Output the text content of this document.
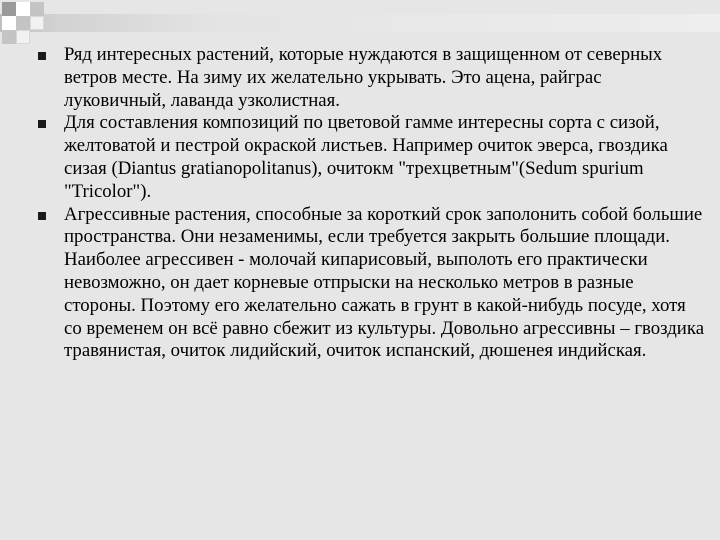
Ряд интересных растений, которые нуждаются в защищенном от северных ветров месте. На зиму их желательно укрывать. Это ацена, райграс луковичный, лаванда узколистная.
Для составления композиций по цветовой гамме интересны сорта с сизой, желтоватой и пестрой окраской листьев. Например очиток эверса, гвоздика сизая (Diantus gratianopolitanus), очитокм "трехцветным"(Sedum spurium "Tricolor").
Агрессивные растения, способные за короткий срок заполонить собой большие пространства. Они незаменимы, если требуется закрыть большие площади. Наиболее агрессивен - молочай кипарисовый, выполоть его практически невозможно, он дает корневые отпрыски на несколько метров в разные стороны. Поэтому его желательно сажать в грунт в какой-нибудь посуде, хотя со временем он всё равно сбежит из культуры. Довольно агрессивны – гвоздика травянистая, очиток лидийский, очиток испанский, дюшенея индийская.
